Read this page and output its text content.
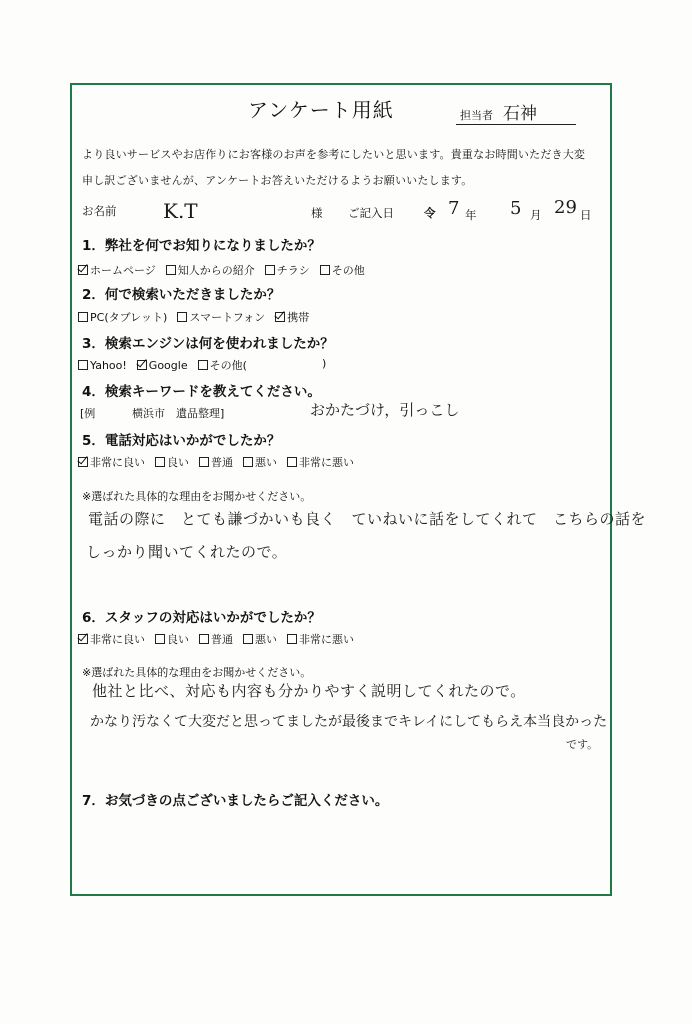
アンケート用紙	担当者 石神
より良いサービスやお店作りにお客様のお声を参考にしたいと思います。貴重なお時間いただき大変
申し訳ございませんが、アンケートお答えいただけるようお願いいたします。
お名前 K.T	様 ご記入日	令 7 年 5 月 29 日
1．弊社を何でお知りになりましたか？
ホームページ 知人からの紹介 チラシ その他
2．何で検索いただきましたか？
PC(タブレット) スマートフォン 携帯
3．検索エンジンは何を使われましたか？
Yahoo! Google その他(	)
4．検索キーワードを教えてください。
[例	横浜市　遺品整理]	おかたづけ，引っこし
5．電話対応はいかがでしたか？
非常に良い 良い 普通 悪い 非常に悪い
※選ばれた具体的な理由をお聞かせください。
電話の際に　とても謙づかいも良く　ていねいに話をしてくれて　こちらの話を
しっかり聞いてくれたので。
6．スタッフの対応はいかがでしたか？
非常に良い 良い 普通 悪い 非常に悪い
※選ばれた具体的な理由をお聞かせください。
他社と比べ、対応も内容も分かりやすく説明してくれたので。
かなり汚なくて大変だと思ってましたが最後までキレイにしてもらえ本当良かった
です。
7．お気づきの点ございましたらご記入ください。
